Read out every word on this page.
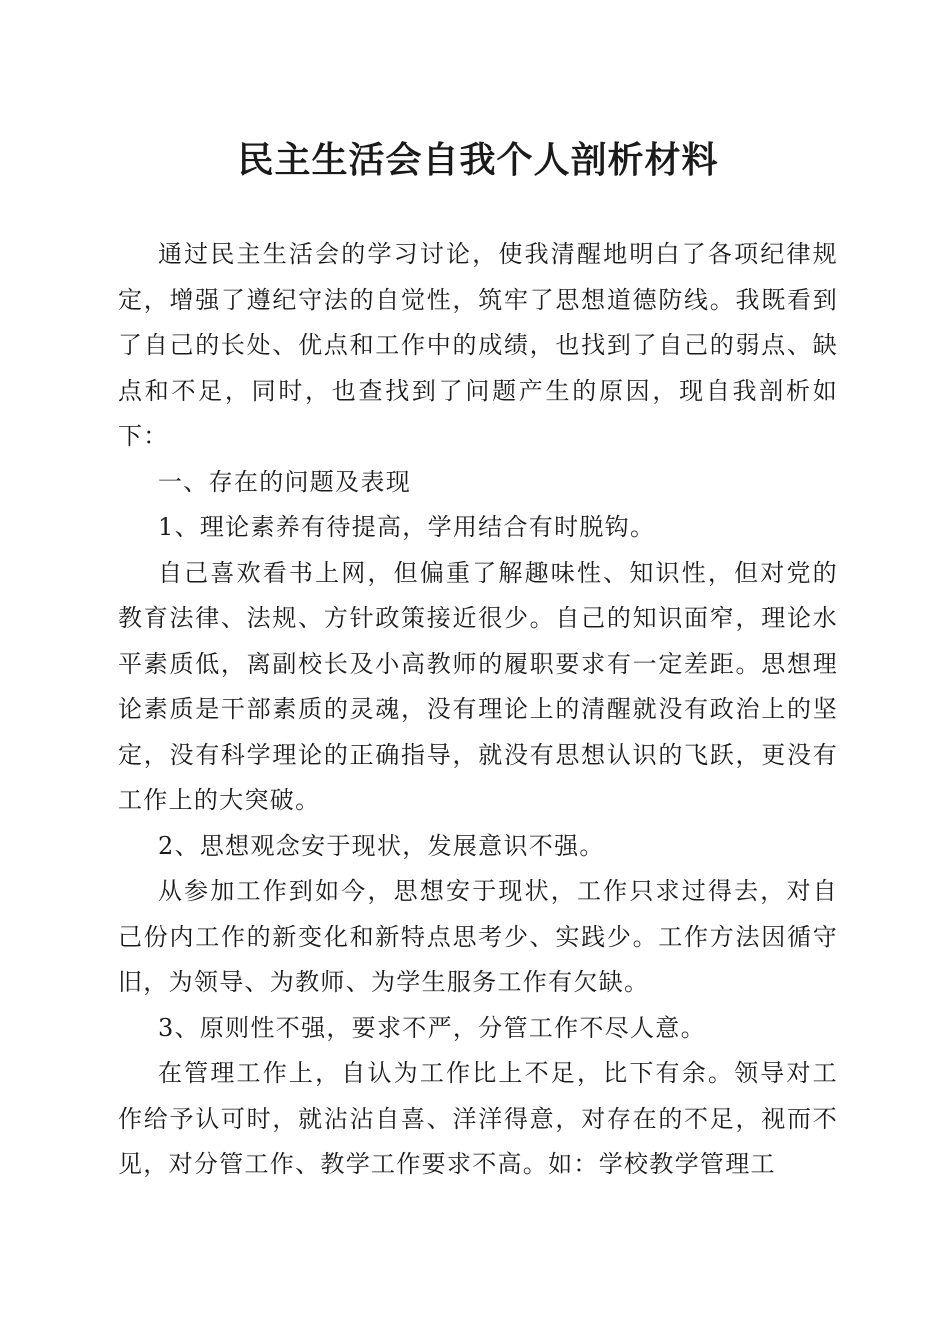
民主生活会自我个人剖析材料

通过民主生活会的学习讨论，使我清醒地明白了各项纪律规定，增强了遵纪守法的自觉性，筑牢了思想道德防线。我既看到了自己的长处、优点和工作中的成绩，也找到了自己的弱点、缺点和不足，同时，也查找到了问题产生的原因，现自我剖析如下：

一、存在的问题及表现

1、理论素养有待提高，学用结合有时脱钩。

自己喜欢看书上网，但偏重了解趣味性、知识性，但对党的教育法律、法规、方针政策接近很少。自己的知识面窄，理论水平素质低，离副校长及小高教师的履职要求有一定差距。思想理论素质是干部素质的灵魂，没有理论上的清醒就没有政治上的坚定，没有科学理论的正确指导，就没有思想认识的飞跃，更没有工作上的大突破。

2、思想观念安于现状，发展意识不强。

从参加工作到如今，思想安于现状，工作只求过得去，对自己份内工作的新变化和新特点思考少、实践少。工作方法因循守旧，为领导、为教师、为学生服务工作有欠缺。

3、原则性不强，要求不严，分管工作不尽人意。

在管理工作上，自认为工作比上不足，比下有余。领导对工作给予认可时，就沾沾自喜、洋洋得意，对存在的不足，视而不见，对分管工作、教学工作要求不高。如：学校教学管理工
